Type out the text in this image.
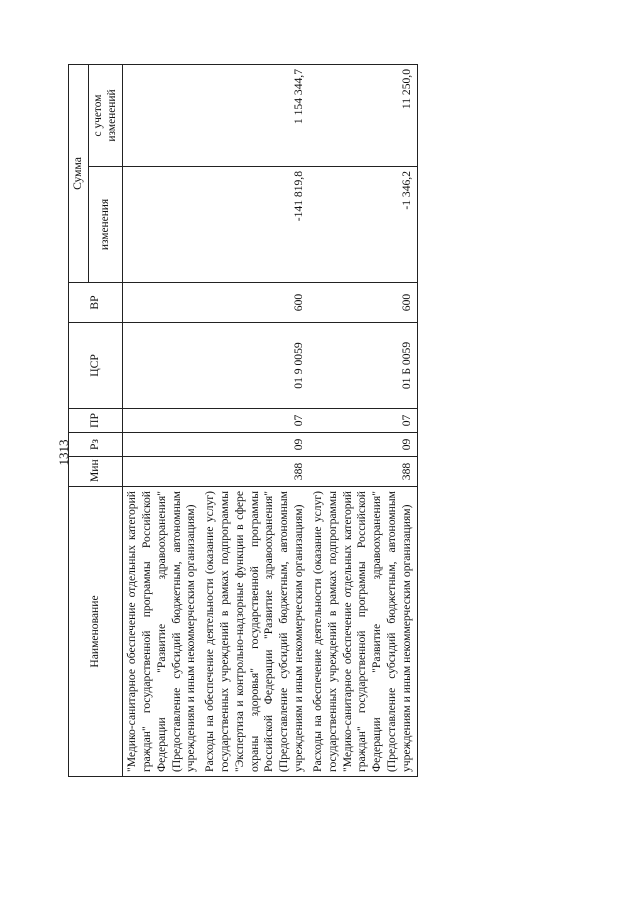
1313
Наименование	Мин	Рз	ПР	ЦСР	ВР	Сумма	
						изменения	с учетом изменений
"Медико-санитарное обеспечение отдельных категорий граждан" государственной программы Российской Федерации "Развитие здравоохранения" (Предоставление субсидий бюджетным, автономным учреждениям и иным некоммерческим организациям)							
Расходы на обеспечение деятельности (оказание услуг) государственных учреждений в рамках подпрограммы "Экспертиза и контрольно-надзорные функции в сфере охраны здоровья" государственной программы Российской Федерации "Развитие здравоохранения" (Предоставление субсидий бюджетным, автономным учреждениям и иным некоммерческим организациям)	388	09	07	01 9 0059	600	-141 819,8	1 154 344,7
Расходы на обеспечение деятельности (оказание услуг) государственных учреждений в рамках подпрограммы "Медико-санитарное обеспечение отдельных категорий граждан" государственной программы Российской Федерации "Развитие здравоохранения" (Предоставление субсидий бюджетным, автономным учреждениям и иным некоммерческим организациям)	388	09	07	01 Б 0059	600	-1 346,2	11 250,0
